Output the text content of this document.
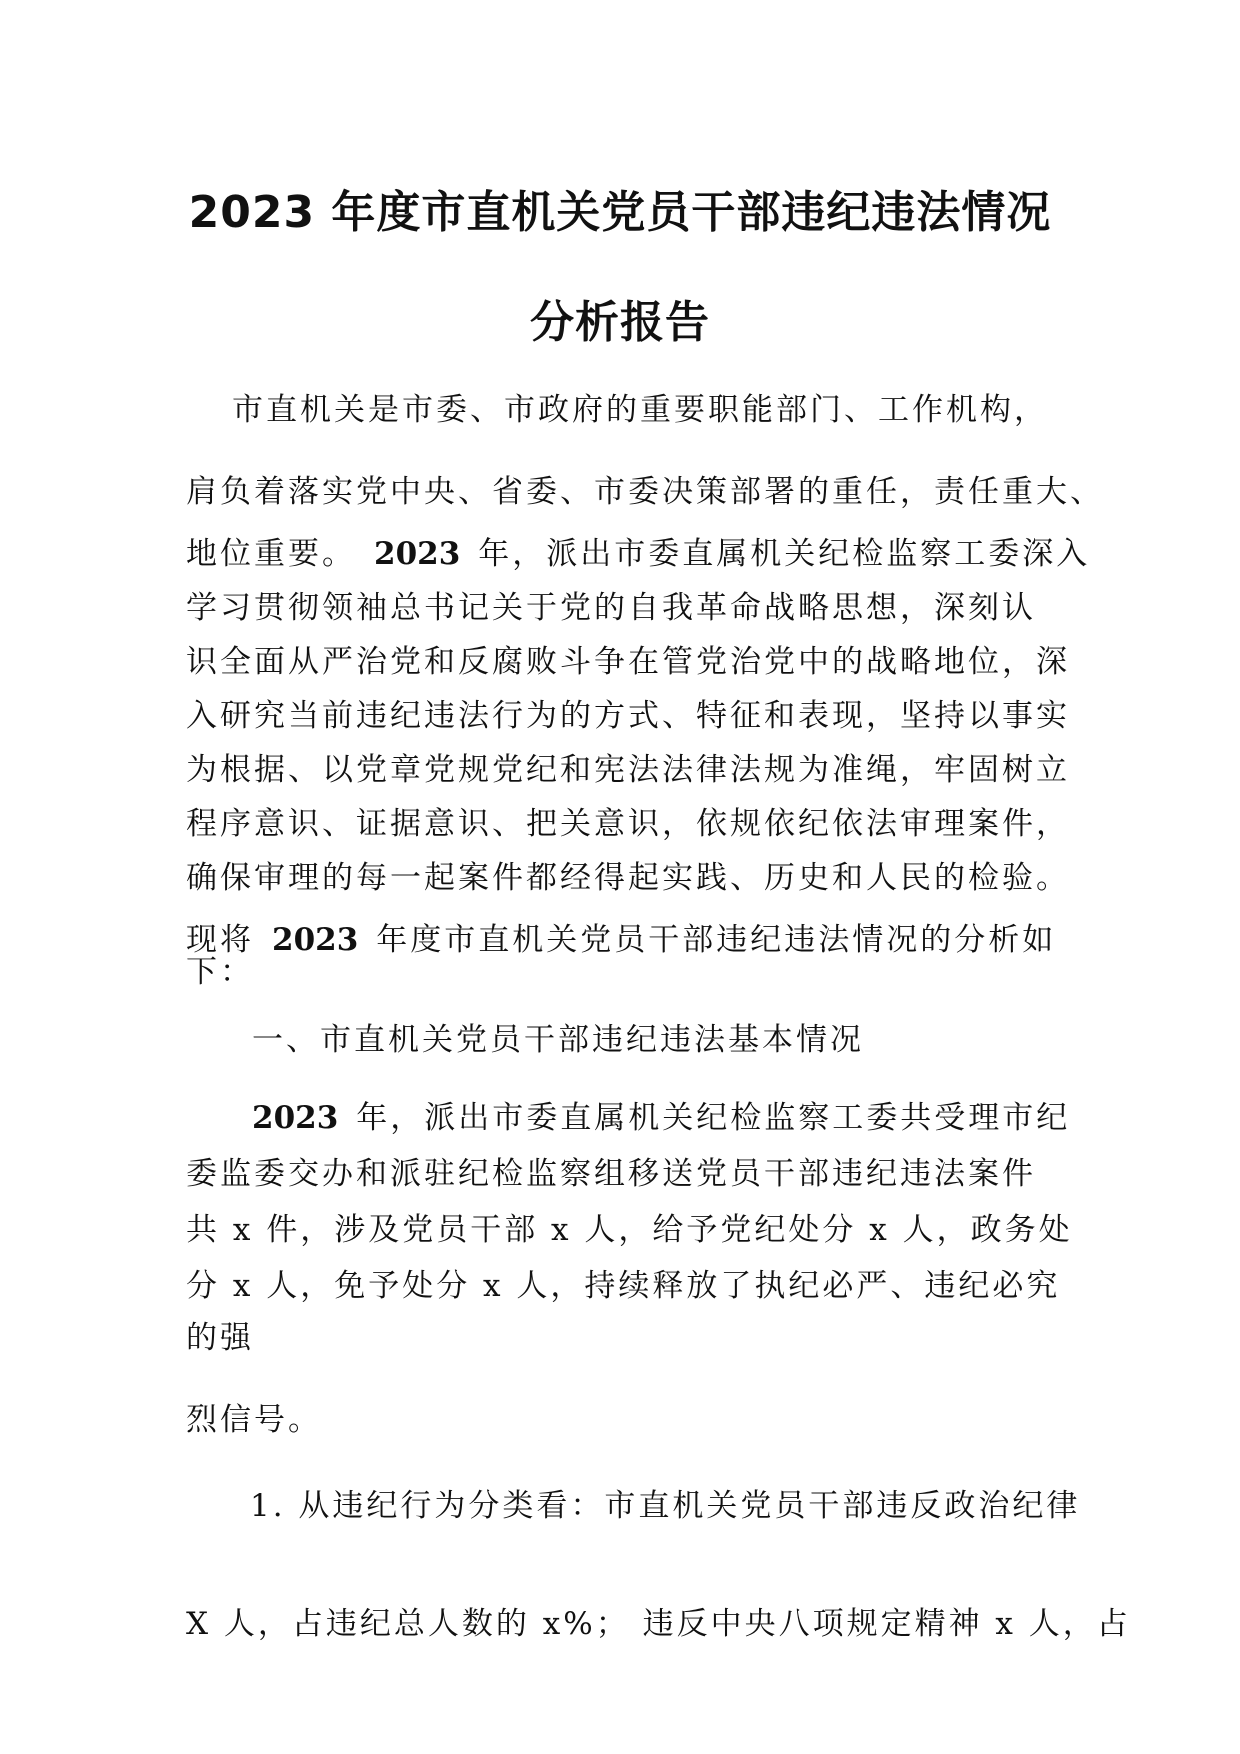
2023 年度市直机关党员干部违纪违法情况
分析报告
市直机关是市委、市政府的重要职能部门、工作机构，
肩负着落实党中央、省委、市委决策部署的重任，责任重大、
地位重要。 2023 年，派出市委直属机关纪检监察工委深入
学习贯彻领袖总书记关于党的自我革命战略思想，深刻认
识全面从严治党和反腐败斗争在管党治党中的战略地位，深
入研究当前违纪违法行为的方式、特征和表现，坚持以事实
为根据、以党章党规党纪和宪法法律法规为准绳，牢固树立
程序意识、证据意识、把关意识，依规依纪依法审理案件，
确保审理的每一起案件都经得起实践、历史和人民的检验。
现将 2023 年度市直机关党员干部违纪违法情况的分析如
下：
一、市直机关党员干部违纪违法基本情况
2023 年，派出市委直属机关纪检监察工委共受理市纪
委监委交办和派驻纪检监察组移送党员干部违纪违法案件
共 x 件，涉及党员干部 x 人，给予党纪处分 x 人，政务处
分 x 人，免予处分 x 人，持续释放了执纪必严、违纪必究
的强
烈信号。
1. 从违纪行为分类看：市直机关党员干部违反政治纪律
X 人，占违纪总人数的 x%； 违反中央八项规定精神 x 人，占
